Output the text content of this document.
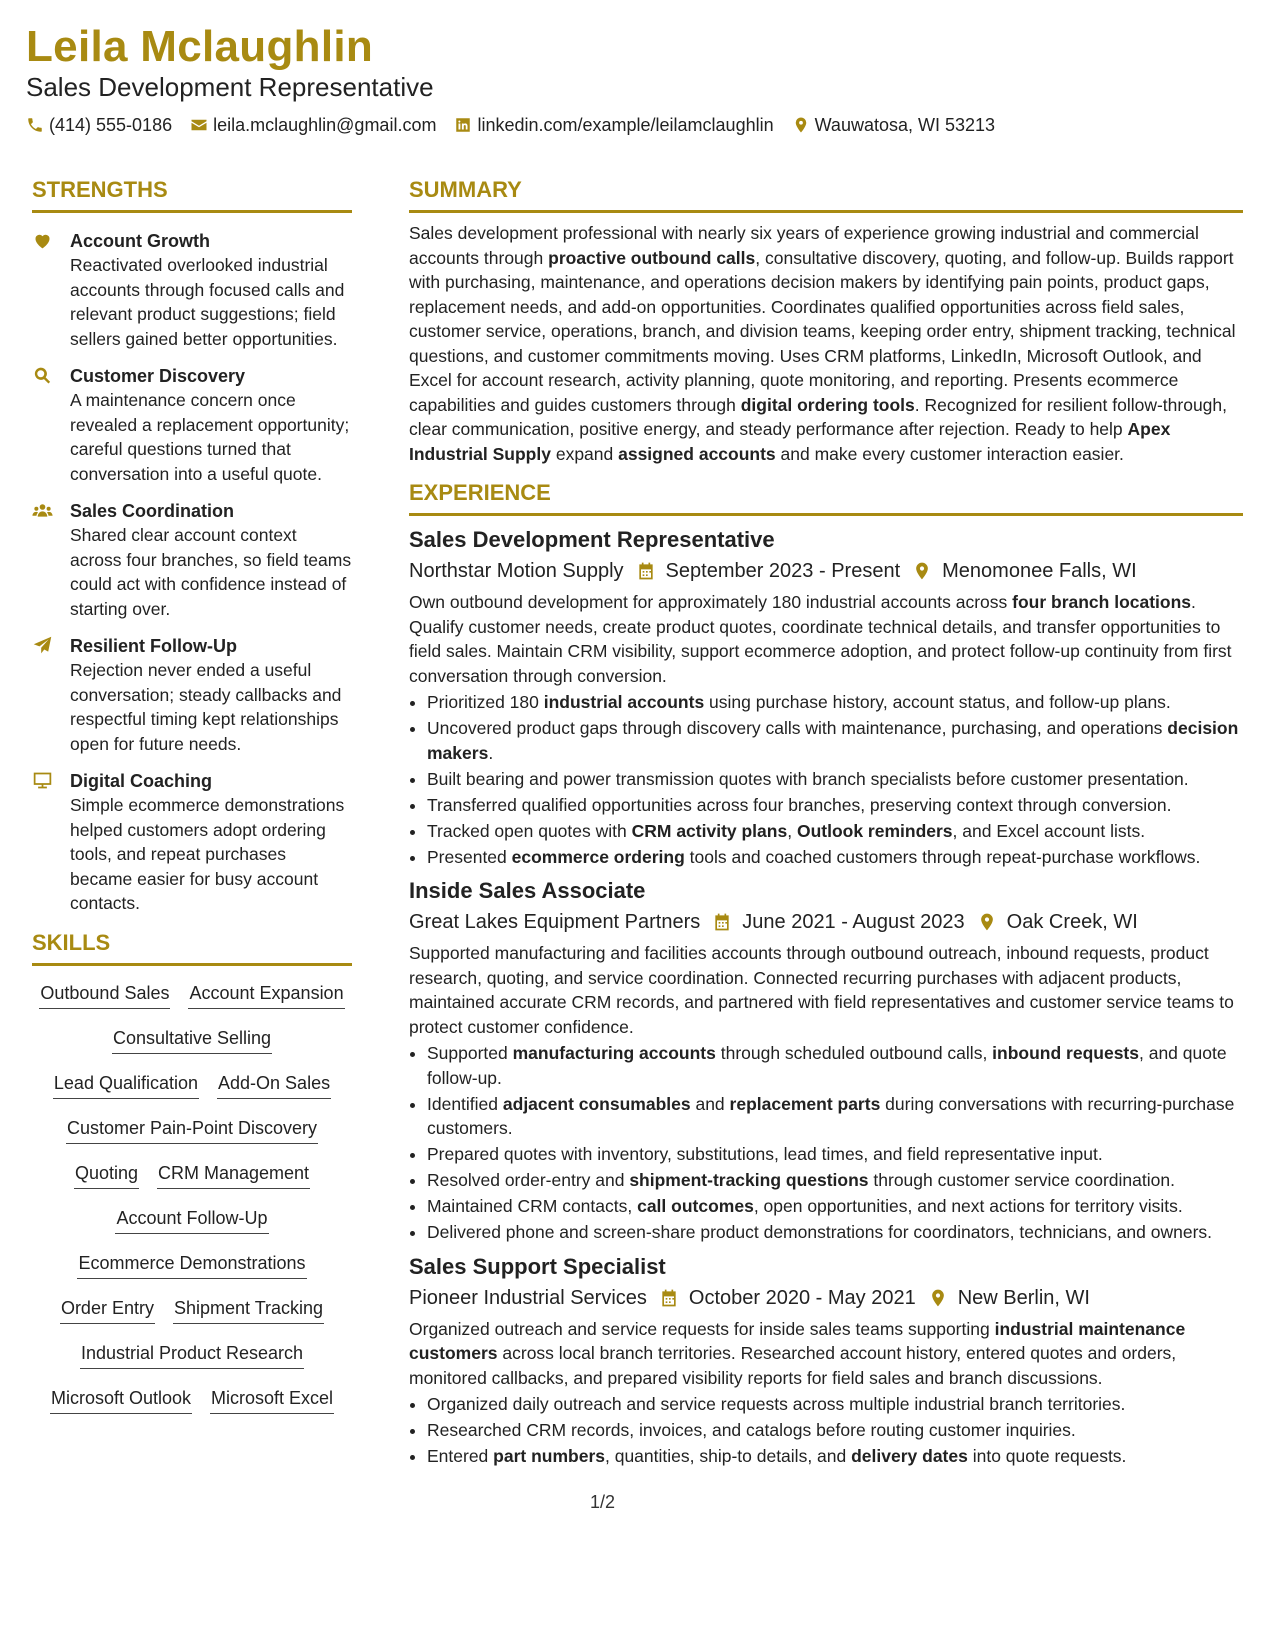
Leila Mclaughlin
Sales Development Representative
(414) 555-0186 leila.mclaughlin@gmail.com linkedin.com/example/leilamclaughlin Wauwatosa, WI 53213
STRENGTHS
Account Growth
Reactivated overlooked industrial accounts through focused calls and relevant product suggestions; field sellers gained better opportunities.
Customer Discovery
A maintenance concern once revealed a replacement opportunity; careful questions turned that conversation into a useful quote.
Sales Coordination
Shared clear account context across four branches, so field teams could act with confidence instead of starting over.
Resilient Follow-Up
Rejection never ended a useful conversation; steady callbacks and respectful timing kept relationships open for future needs.
Digital Coaching
Simple ecommerce demonstrations helped customers adopt ordering tools, and repeat purchases became easier for busy account contacts.
SKILLS
Outbound Sales Account Expansion
Consultative Selling
Lead Qualification Add-On Sales
Customer Pain-Point Discovery
Quoting CRM Management
Account Follow-Up
Ecommerce Demonstrations
Order Entry Shipment Tracking
Industrial Product Research
Microsoft Outlook Microsoft Excel
SUMMARY
Sales development professional with nearly six years of experience growing industrial and commercial accounts through proactive outbound calls, consultative discovery, quoting, and follow-up. Builds rapport with purchasing, maintenance, and operations decision makers by identifying pain points, product gaps, replacement needs, and add-on opportunities. Coordinates qualified opportunities across field sales, customer service, operations, branch, and division teams, keeping order entry, shipment tracking, technical questions, and customer commitments moving. Uses CRM platforms, LinkedIn, Microsoft Outlook, and Excel for account research, activity planning, quote monitoring, and reporting. Presents ecommerce capabilities and guides customers through digital ordering tools. Recognized for resilient follow-through, clear communication, positive energy, and steady performance after rejection. Ready to help Apex Industrial Supply expand assigned accounts and make every customer interaction easier.
EXPERIENCE
Sales Development Representative
Northstar Motion Supply September 2023 - Present Menomonee Falls, WI
Own outbound development for approximately 180 industrial accounts across four branch locations. Qualify customer needs, create product quotes, coordinate technical details, and transfer opportunities to field sales. Maintain CRM visibility, support ecommerce adoption, and protect follow-up continuity from first conversation through conversion.
• Prioritized 180 industrial accounts using purchase history, account status, and follow-up plans.
• Uncovered product gaps through discovery calls with maintenance, purchasing, and operations decision makers.
• Built bearing and power transmission quotes with branch specialists before customer presentation.
• Transferred qualified opportunities across four branches, preserving context through conversion.
• Tracked open quotes with CRM activity plans, Outlook reminders, and Excel account lists.
• Presented ecommerce ordering tools and coached customers through repeat-purchase workflows.
Inside Sales Associate
Great Lakes Equipment Partners June 2021 - August 2023 Oak Creek, WI
Supported manufacturing and facilities accounts through outbound outreach, inbound requests, product research, quoting, and service coordination. Connected recurring purchases with adjacent products, maintained accurate CRM records, and partnered with field representatives and customer service teams to protect customer confidence.
• Supported manufacturing accounts through scheduled outbound calls, inbound requests, and quote follow-up.
• Identified adjacent consumables and replacement parts during conversations with recurring-purchase customers.
• Prepared quotes with inventory, substitutions, lead times, and field representative input.
• Resolved order-entry and shipment-tracking questions through customer service coordination.
• Maintained CRM contacts, call outcomes, open opportunities, and next actions for territory visits.
• Delivered phone and screen-share product demonstrations for coordinators, technicians, and owners.
Sales Support Specialist
Pioneer Industrial Services October 2020 - May 2021 New Berlin, WI
Organized outreach and service requests for inside sales teams supporting industrial maintenance customers across local branch territories. Researched account history, entered quotes and orders, monitored callbacks, and prepared visibility reports for field sales and branch discussions.
• Organized daily outreach and service requests across multiple industrial branch territories.
• Researched CRM records, invoices, and catalogs before routing customer inquiries.
• Entered part numbers, quantities, ship-to details, and delivery dates into quote requests.
1/2
